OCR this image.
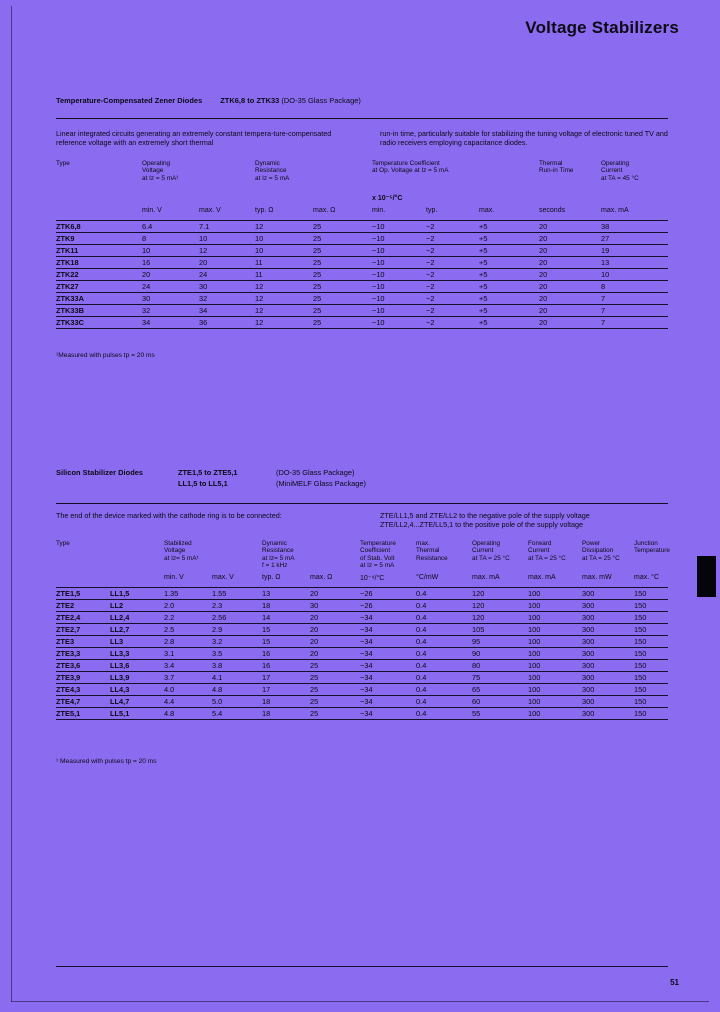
Voltage Stabilizers
Temperature-Compensated Zener Diodes ZTK6,8 to ZTK33 (DO-35 Glass Package)
Linear integrated circuits generating an extremely constant tempera-ture-compensated reference voltage with an extremely short thermal
run-in time, particularly suitable for stabilizing the tuning voltage of electronic tuned TV and radio receivers employing capacitance diodes.
Type	Operating
Voltage
at Iz = 5 mA¹		Dynamic
Resistance
at Iz = 5 mA		Temperature Coefficient
at Op. Voltage at Iz = 5 mA			Thermal
Run-in Time	Operating
Current
at TA = 45 °C
					x 10⁻⁵/°C				
	min. V	max. V	typ. Ω	max. Ω	min.	typ.	max.	seconds	max. mA
ZTK6,8	6.4	7.1	12	25	−10	−2	+5	20	38
ZTK9	8	10	10	25	−10	−2	+5	20	27
ZTK11	10	12	10	25	−10	−2	+5	20	19
ZTK18	16	20	11	25	−10	−2	+5	20	13
ZTK22	20	24	11	25	−10	−2	+5	20	10
ZTK27	24	30	12	25	−10	−2	+5	20	8
ZTK33A	30	32	12	25	−10	−2	+5	20	7
ZTK33B	32	34	12	25	−10	−2	+5	20	7
ZTK33C	34	36	12	25	−10	−2	+5	20	7
¹Measured with pulses tp = 20 ms
Silicon Stabilizer Diodes	ZTE1,5 to ZTE5,1	(DO-35 Glass Package)
LL1,5 to LL5,1	(MiniMELF Glass Package)
The end of the device marked with the cathode ring is to be connected:	ZTE/LL1,5 and ZTE/LL2 to the negative pole of the supply voltage
ZTE/LL2,4...ZTE/LL5,1 to the positive pole of the supply voltage
Type		Stabilized
Voltage
at Iz= 5 mA¹		Dynamic
Resistance
at Iz= 5 mA
f = 1 kHz		Temperature
Coefficient
of Stab. Volt
at Iz = 5 mA	max.
Thermal
Resistance	Operating
Current
at TA = 25 °C	Forward
Current
at TA = 25 °C	Power
Dissipation
at TA = 25 °C	Junction
Temperature
		min. V	max. V	typ. Ω	max. Ω	10⁻⁴/°C	°C/mW	max. mA	max. mA	max. mW	max. °C
ZTE1,5	LL1,5	1.35	1.55	13	20	−26	0.4	120	100	300	150
ZTE2	LL2	2.0	2.3	18	30	−26	0.4	120	100	300	150
ZTE2,4	LL2,4	2.2	2.56	14	20	−34	0.4	120	100	300	150
ZTE2,7	LL2,7	2.5	2.9	15	20	−34	0.4	105	100	300	150
ZTE3	LL3	2.8	3.2	15	20	−34	0.4	95	100	300	150
ZTE3,3	LL3,3	3.1	3.5	16	20	−34	0.4	90	100	300	150
ZTE3,6	LL3,6	3.4	3.8	16	25	−34	0.4	80	100	300	150
ZTE3,9	LL3,9	3.7	4.1	17	25	−34	0.4	75	100	300	150
ZTE4,3	LL4,3	4.0	4.8	17	25	−34	0.4	65	100	300	150
ZTE4,7	LL4,7	4.4	5.0	18	25	−34	0.4	60	100	300	150
ZTE5,1	LL5,1	4.8	5.4	18	25	−34	0.4	55	100	300	150
¹ Measured with pulses tp = 20 ms
51
